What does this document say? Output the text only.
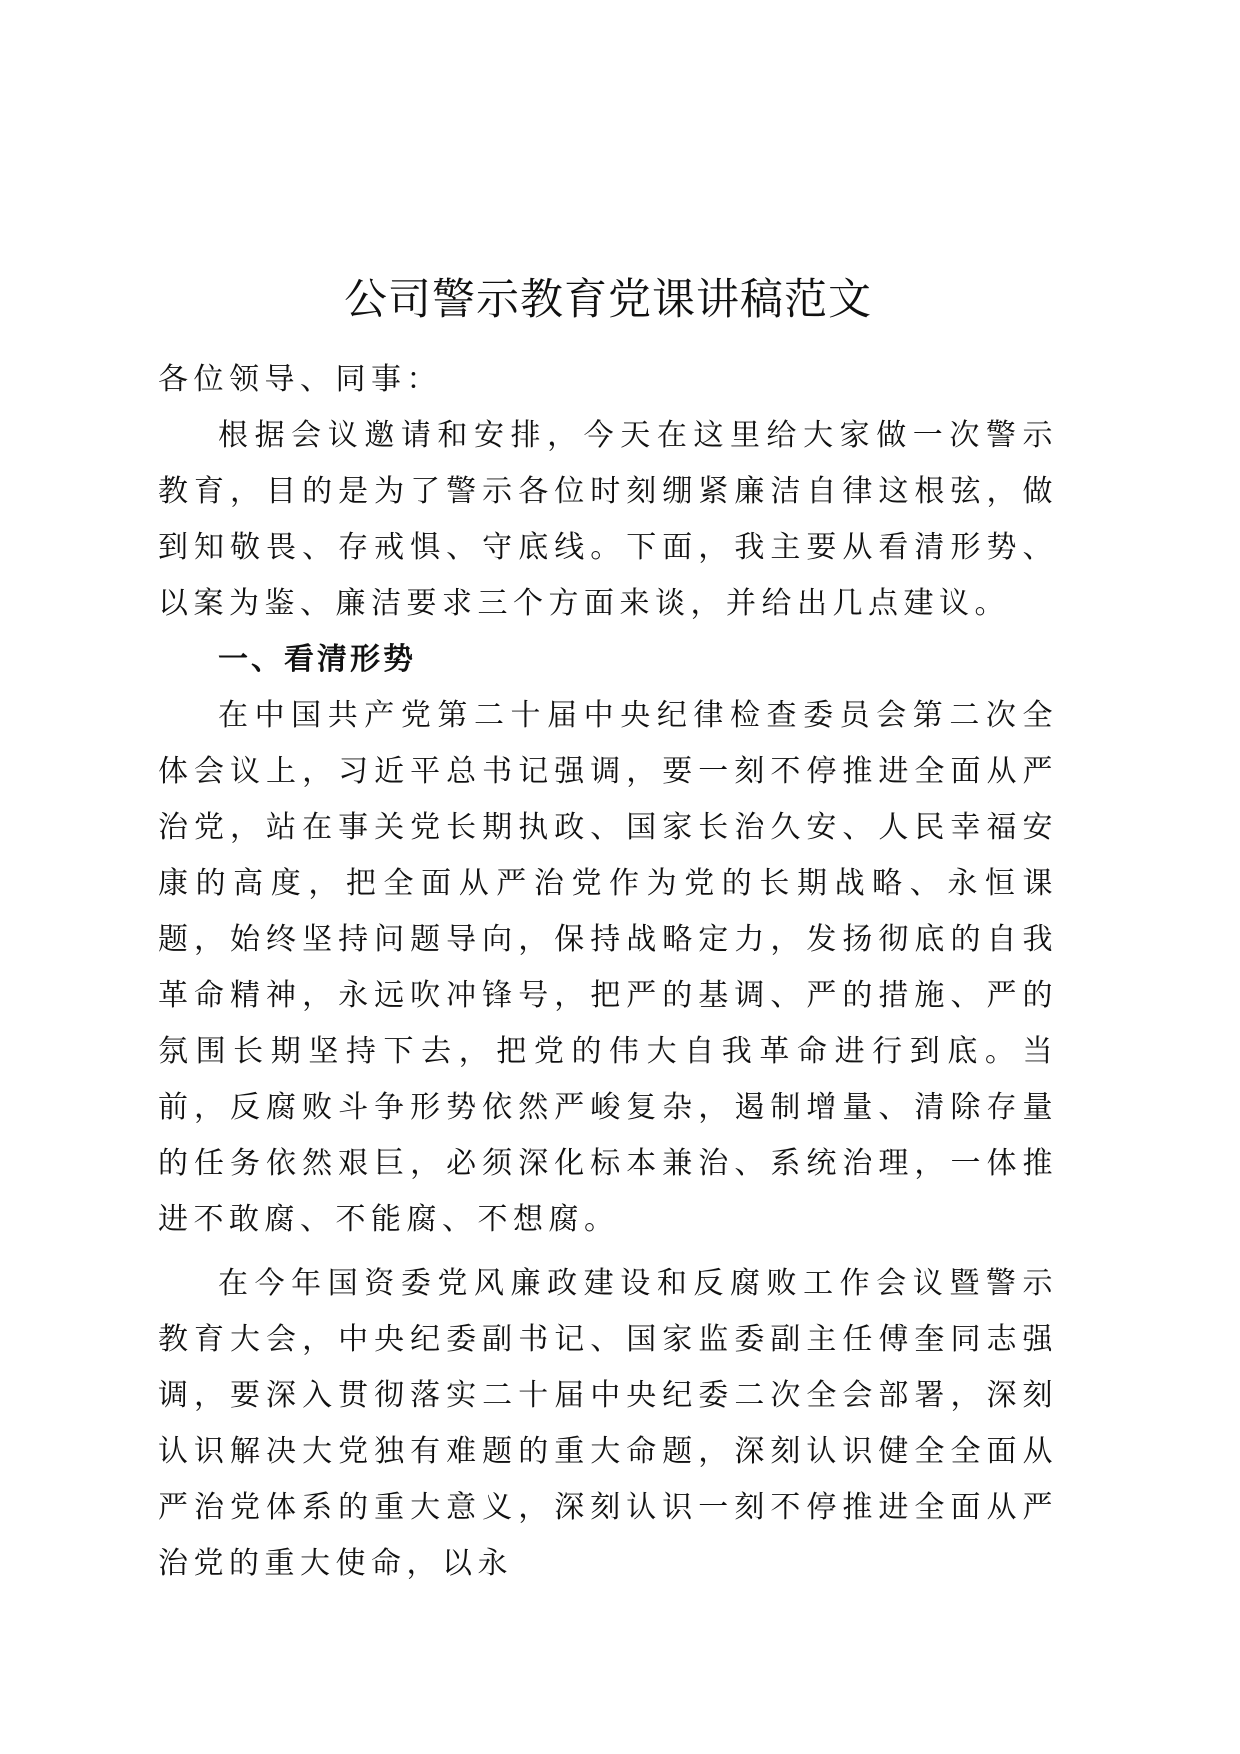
公司警示教育党课讲稿范文

各位领导、同事：

根据会议邀请和安排，今天在这里给大家做一次警示教育，目的是为了警示各位时刻绷紧廉洁自律这根弦，做到知敬畏、存戒惧、守底线。下面，我主要从看清形势、以案为鉴、廉洁要求三个方面来谈，并给出几点建议。

一、看清形势

在中国共产党第二十届中央纪律检查委员会第二次全体会议上，习近平总书记强调，要一刻不停推进全面从严治党，站在事关党长期执政、国家长治久安、人民幸福安康的高度，把全面从严治党作为党的长期战略、永恒课题，始终坚持问题导向，保持战略定力，发扬彻底的自我革命精神，永远吹冲锋号，把严的基调、严的措施、严的氛围长期坚持下去，把党的伟大自我革命进行到底。当前，反腐败斗争形势依然严峻复杂，遏制增量、清除存量的任务依然艰巨，必须深化标本兼治、系统治理，一体推进不敢腐、不能腐、不想腐。

在今年国资委党风廉政建设和反腐败工作会议暨警示教育大会，中央纪委副书记、国家监委副主任傅奎同志强调，要深入贯彻落实二十届中央纪委二次全会部署，深刻认识解决大党独有难题的重大命题，深刻认识健全全面从严治党体系的重大意义，深刻认识一刻不停推进全面从严治党的重大使命，以永
